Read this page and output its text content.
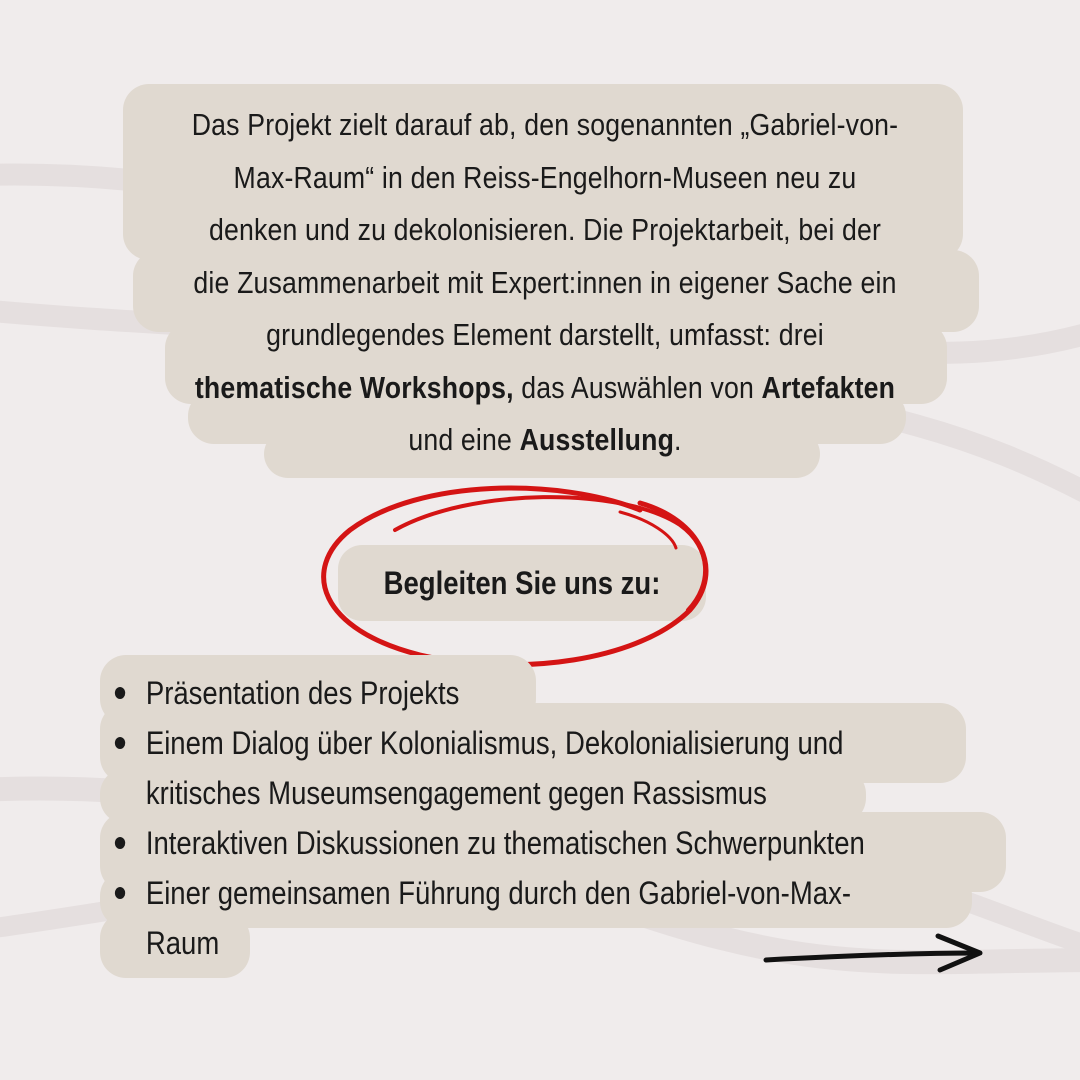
Das Projekt zielt darauf ab, den sogenannten „Gabriel-von-Max-Raum“ in den Reiss-Engelhorn-Museen neu zu denken und zu dekolonisieren. Die Projektarbeit, bei der die Zusammenarbeit mit Expert:innen in eigener Sache ein grundlegendes Element darstellt, umfasst: drei thematische Workshops, das Auswählen von Artefakten und eine Ausstellung.
Begleiten Sie uns zu:
Präsentation des Projekts
Einem Dialog über Kolonialismus, Dekolonialisierung und kritisches Museumsengagement gegen Rassismus
Interaktiven Diskussionen zu thematischen Schwerpunkten
Einer gemeinsamen Führung durch den Gabriel-von-Max-Raum
